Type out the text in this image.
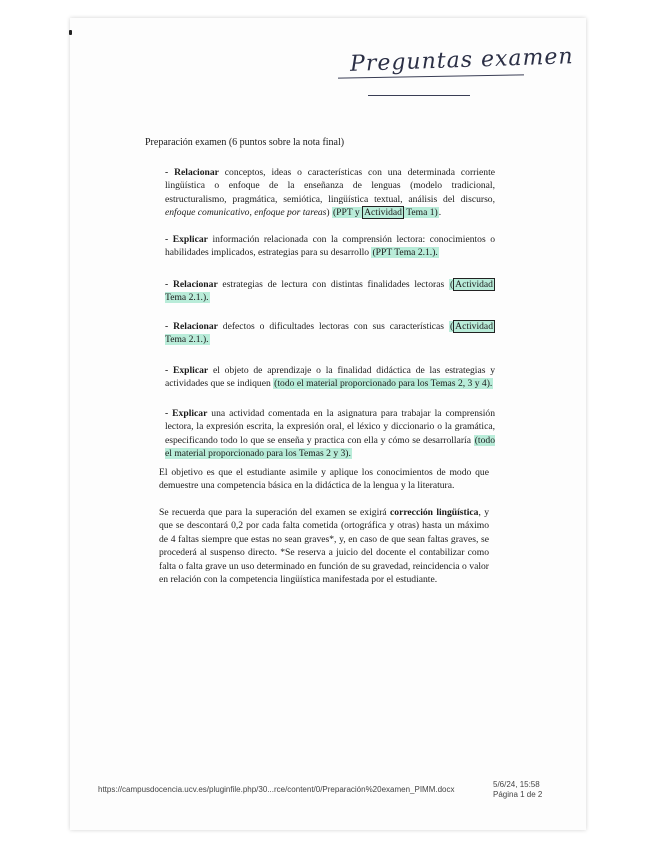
Preguntas examen
Preparación examen (6 puntos sobre la nota final)
- Relacionar conceptos, ideas o características con una determinada corriente lingüística o enfoque de la enseñanza de lenguas (modelo tradicional, estructuralismo, pragmática, semiótica, lingüística textual, análisis del discurso, enfoque comunicativo, enfoque por tareas) (PPT y Actividad Tema 1).
- Explicar información relacionada con la comprensión lectora: conocimientos o habilidades implicados, estrategias para su desarrollo (PPT Tema 2.1.).
- Relacionar estrategias de lectura con distintas finalidades lectoras ( Actividad Tema 2.1.).
- Relacionar defectos o dificultades lectoras con sus características ( Actividad Tema 2.1.).
- Explicar el objeto de aprendizaje o la finalidad didáctica de las estrategias y actividades que se indiquen (todo el material proporcionado para los Temas 2, 3 y 4).
- Explicar una actividad comentada en la asignatura para trabajar la comprensión lectora, la expresión escrita, la expresión oral, el léxico y diccionario o la gramática, especificando todo lo que se enseña y practica con ella y cómo se desarrollaría (todo el material proporcionado para los Temas 2 y 3).
El objetivo es que el estudiante asimile y aplique los conocimientos de modo que demuestre una competencia básica en la didáctica de la lengua y la literatura.
Se recuerda que para la superación del examen se exigirá corrección lingüística, y que se descontará 0,2 por cada falta cometida (ortográfica y otras) hasta un máximo de 4 faltas siempre que estas no sean graves*, y, en caso de que sean faltas graves, se procederá al suspenso directo. *Se reserva a juicio del docente el contabilizar como falta o falta grave un uso determinado en función de su gravedad, reincidencia o valor en relación con la competencia lingüística manifestada por el estudiante.
https://campusdocencia.ucv.es/pluginfile.php/30...rce/content/0/Preparación%20examen_PIMM.docx
5/6/24, 15:58
Página 1 de 2
